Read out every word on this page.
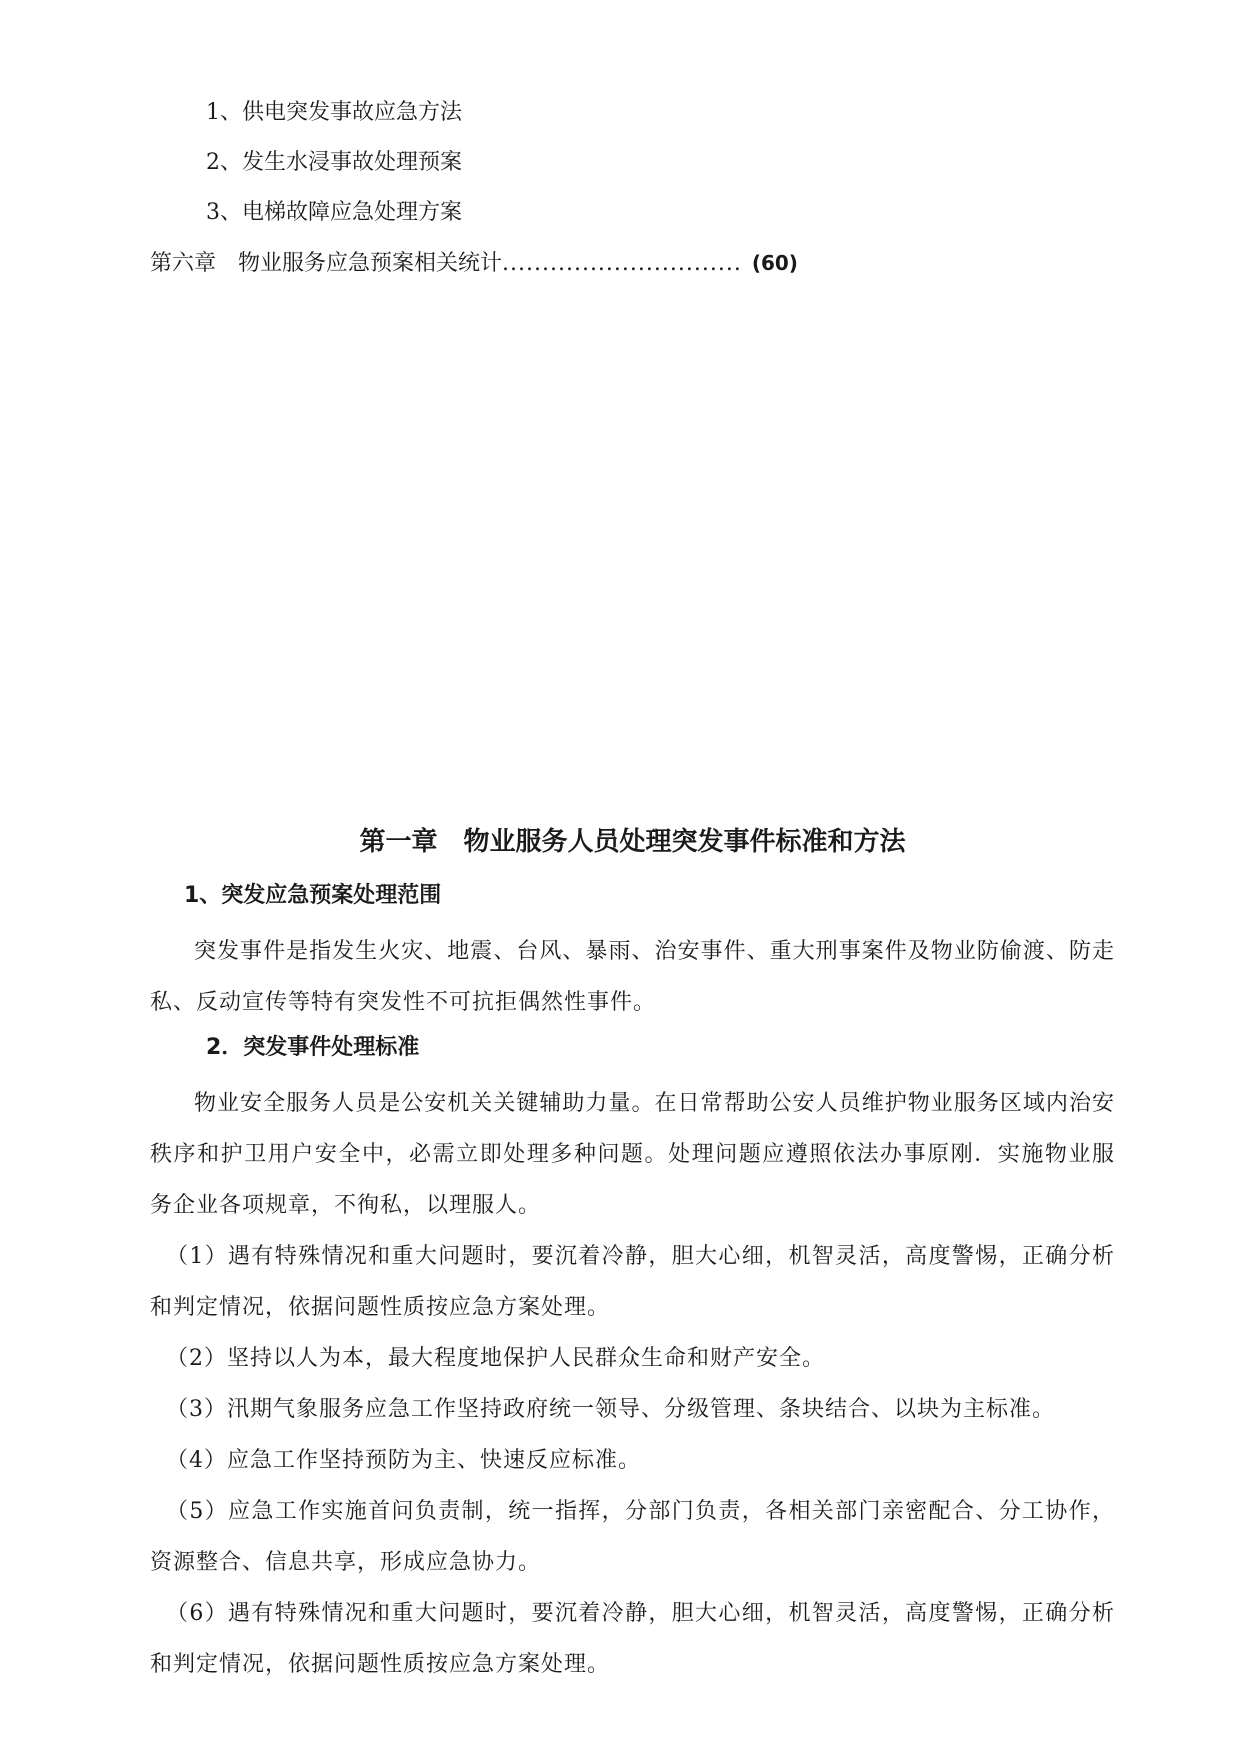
1、供电突发事故应急方法
2、发生水浸事故处理预案
3、电梯故障应急处理方案
第六章　物业服务应急预案相关统计.............................. (60)
第一章　物业服务人员处理突发事件标准和方法
1、突发应急预案处理范围

突发事件是指发生火灾、地震、台风、暴雨、治安事件、重大刑事案件及物业防偷渡、防走私、反动宣传等特有突发性不可抗拒偶然性事件。

2．突发事件处理标准

物业安全服务人员是公安机关关键辅助力量。在日常帮助公安人员维护物业服务区域内治安秩序和护卫用户安全中，必需立即处理多种问题。处理问题应遵照依法办事原刚．实施物业服务企业各项规章，不徇私，以理服人。

（1）遇有特殊情况和重大问题时，要沉着冷静，胆大心细，机智灵活，高度警惕，正确分析和判定情况，依据问题性质按应急方案处理。

（2）坚持以人为本，最大程度地保护人民群众生命和财产安全。

（3）汛期气象服务应急工作坚持政府统一领导、分级管理、条块结合、以块为主标准。

（4）应急工作坚持预防为主、快速反应标准。

（5）应急工作实施首问负责制，统一指挥，分部门负责，各相关部门亲密配合、分工协作，资源整合、信息共享，形成应急协力。

（6）遇有特殊情况和重大问题时，要沉着冷静，胆大心细，机智灵活，高度警惕，正确分析和判定情况，依据问题性质按应急方案处理。
